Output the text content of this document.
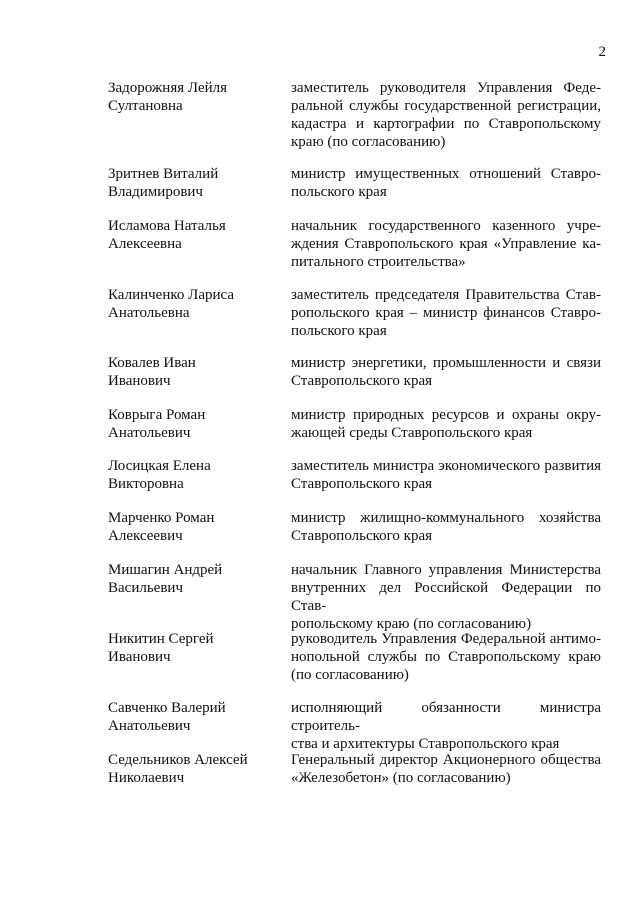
2

Задорожняя Лейля
Султановна

заместитель руководителя Управления Феде-
ральной службы государственной регистрации,
кадастра и картографии по Ставропольскому
краю (по согласованию)

Зритнев Виталий
Владимирович

министр имущественных отношений Ставро-
польского края

Исламова Наталья
Алексеевна

начальник государственного казенного учре-
ждения Ставропольского края «Управление ка-
питального строительства»

Калинченко Лариса
Анатольевна

заместитель председателя Правительства Став-
ропольского края – министр финансов Ставро-
польского края

Ковалев Иван
Иванович

министр энергетики, промышленности и связи
Ставропольского края

Коврыга Роман
Анатольевич

министр природных ресурсов и охраны окру-
жающей среды Ставропольского края

Лосицкая Елена
Викторовна

заместитель министра экономического развития
Ставропольского края

Марченко Роман
Алексеевич

министр жилищно-коммунального хозяйства
Ставропольского края

Мишагин Андрей
Васильевич

начальник Главного управления Министерства
внутренних дел Российской Федерации по Став-
ропольскому краю (по согласованию)

Никитин Сергей
Иванович

руководитель Управления Федеральной антимо-
нопольной службы по Ставропольскому краю
(по согласованию)

Савченко Валерий
Анатольевич

исполняющий обязанности министра строитель-
ства и архитектуры Ставропольского края

Седельников Алексей
Николаевич

Генеральный директор Акционерного общества
«Железобетон» (по согласованию)
